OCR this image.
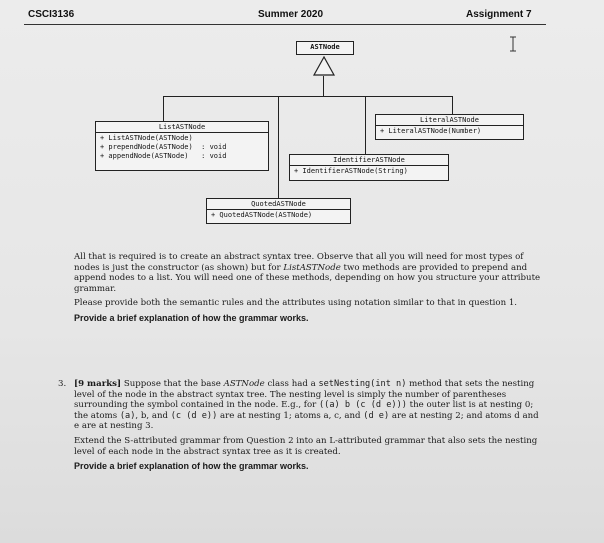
CSCI3136	Summer 2020	Assignment 7
ASTNode
LiteralASTNode
+ LiteralASTNode(Number)
ListASTNode
+ ListASTNode(ASTNode)
+ prependNode(ASTNode)  : void
+ appendNode(ASTNode)   : void	IdentifierASTNode
+ IdentifierASTNode(String)
QuotedASTNode
+ QuotedASTNode(ASTNode)

All that is required is to create an abstract syntax tree. Observe that all you will need for most types of nodes is just the constructor (as shown) but for ListASTNode two methods are provided to prepend and append nodes to a list. You will need one of these methods, depending on how you structure your attribute grammar.

Please provide both the semantic rules and the attributes using notation similar to that in question 1.

Provide a brief explanation of how the grammar works.

3. [9 marks] Suppose that the base ASTNode class had a setNesting(int n) method that sets the nesting level of the node in the abstract syntax tree. The nesting level is simply the number of parentheses surrounding the symbol contained in the node. E.g., for ((a) b (c (d e))) the outer list is at nesting 0; the atoms (a), b, and (c (d e)) are at nesting 1; atoms a, c, and (d e) are at nesting 2; and atoms d and e are at nesting 3.

Extend the S-attributed grammar from Question 2 into an L-attributed grammar that also sets the nesting level of each node in the abstract syntax tree as it is created.

Provide a brief explanation of how the grammar works.
